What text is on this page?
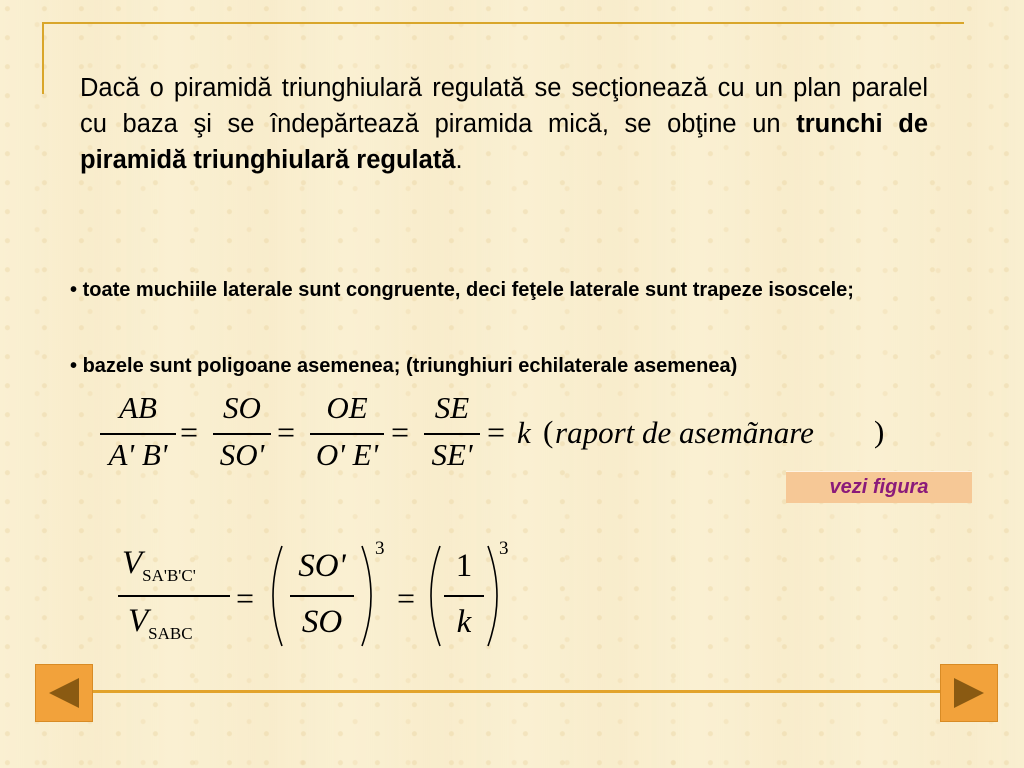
Dacă o piramidă triunghiulară regulată se secţionează cu un plan paralel cu baza şi se îndepărtează piramida mică, se obţine un trunchi de piramidă triunghiulară regulată.
• toate muchiile laterale sunt congruente, deci feţele laterale sunt trapeze isoscele;
• bazele sunt poligoane asemenea; (triunghiuri echilaterale asemenea)
AB
A' B'
=
SO
SO'
=
OE
O' E'
=
SE
SE'
= k ( raport de asemãnare )
vezi figura
$V_{SA'B'C'}$
$V_{SABC}$
=
SO'
SO
3
=
1
k
3
